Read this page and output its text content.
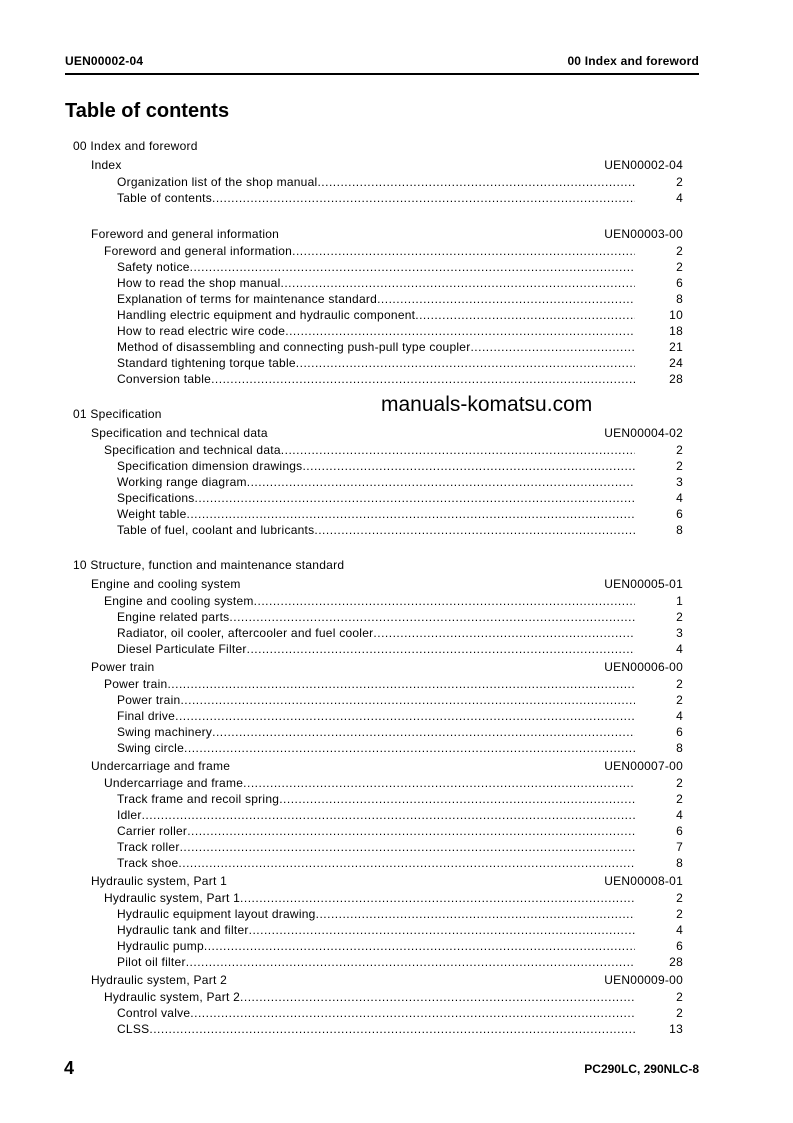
UEN00002-04	00 Index and foreword
Table of contents
manuals-komatsu.com
00 Index and foreword
Index	UEN00002-04
Organization list of the shop manual .....	2
Table of contents .....	4
Foreword and general information	UEN00003-00
Foreword and general information .....	2
Safety notice .....	2
How to read the shop manual .....	6
Explanation of terms for maintenance standard .....	8
Handling electric equipment and hydraulic component .....	10
How to read electric wire code .....	18
Method of disassembling and connecting push-pull type coupler .....	21
Standard tightening torque table .....	24
Conversion table .....	28
01 Specification
Specification and technical data	UEN00004-02
Specification and technical data .....	2
Specification dimension drawings .....	2
Working range diagram .....	3
Specifications .....	4
Weight table .....	6
Table of fuel, coolant and lubricants .....	8
10 Structure, function and maintenance standard
Engine and cooling system	UEN00005-01
Engine and cooling system .....	1
Engine related parts .....	2
Radiator, oil cooler, aftercooler and fuel cooler .....	3
Diesel Particulate Filter .....	4
Power train	UEN00006-00
Power train .....	2
Power train .....	2
Final drive .....	4
Swing machinery .....	6
Swing circle .....	8
Undercarriage and frame	UEN00007-00
Undercarriage and frame .....	2
Track frame and recoil spring .....	2
Idler .....	4
Carrier roller .....	6
Track roller .....	7
Track shoe .....	8
Hydraulic system, Part 1	UEN00008-01
Hydraulic system, Part 1 .....	2
Hydraulic equipment layout drawing .....	2
Hydraulic tank and filter .....	4
Hydraulic pump .....	6
Pilot oil filter .....	28
Hydraulic system, Part 2	UEN00009-00
Hydraulic system, Part 2 .....	2
Control valve .....	2
CLSS .....	13
4	PC290LC, 290NLC-8
